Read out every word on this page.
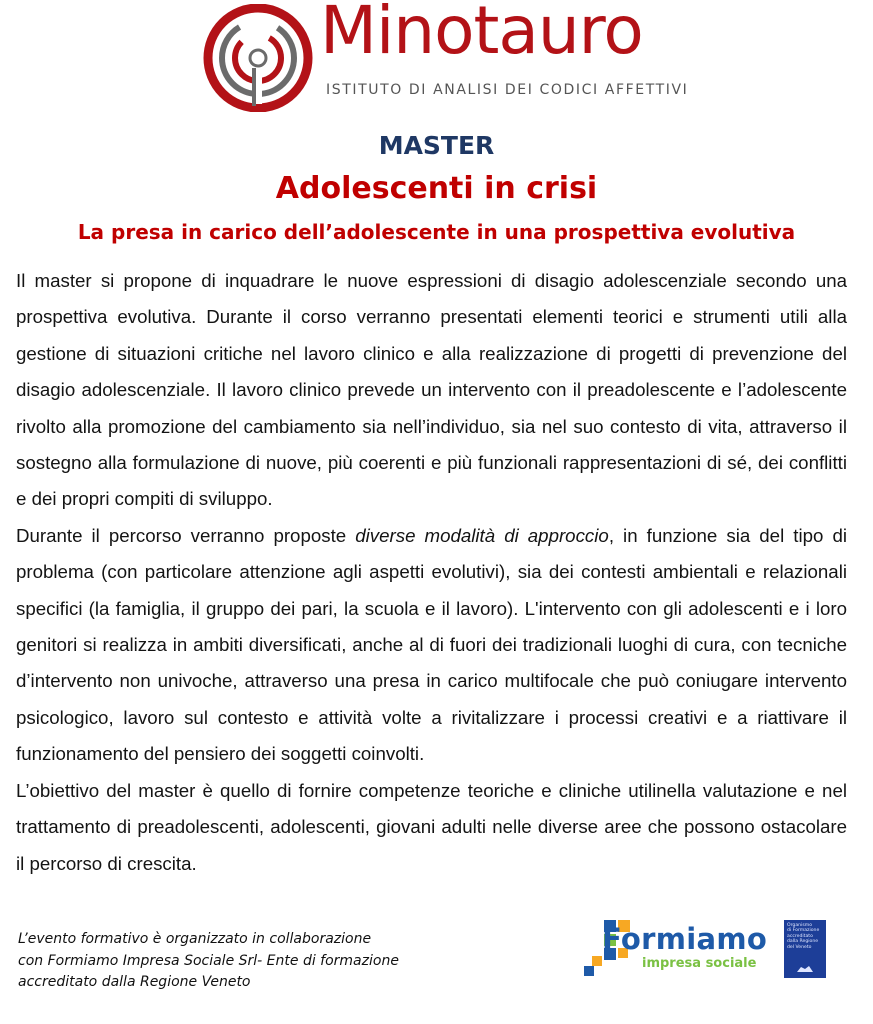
Minotauro
ISTITUTO DI ANALISI DEI CODICI AFFETTIVI
MASTER
Adolescenti in crisi
La presa in carico dell’adolescente in una prospettiva evolutiva

Il master si propone di inquadrare le nuove espressioni di disagio adolescenziale secondo una prospettiva evolutiva. Durante il corso verranno presentati elementi teorici e strumenti utili alla gestione di situazioni critiche nel lavoro clinico e alla realizzazione di progetti di prevenzione del disagio adolescenziale. Il lavoro clinico prevede un intervento con il preadolescente e l’adolescente rivolto alla promozione del cambiamento sia nell’individuo, sia nel suo contesto di vita, attraverso il sostegno alla formulazione di nuove, più coerenti e più funzionali rappresentazioni di sé, dei conflitti e dei propri compiti di sviluppo.

Durante il percorso verranno proposte diverse modalità di approccio, in funzione sia del tipo di problema (con particolare attenzione agli aspetti evolutivi), sia dei contesti ambientali e relazionali specifici (la famiglia, il gruppo dei pari, la scuola e il lavoro). L'intervento con gli adolescenti e i loro genitori si realizza in ambiti diversificati, anche al di fuori dei tradizionali luoghi di cura, con tecniche d’intervento non univoche, attraverso una presa in carico multifocale che può coniugare intervento psicologico, lavoro sul contesto e attività volte a rivitalizzare i processi creativi e a riattivare il funzionamento del pensiero dei soggetti coinvolti.

L’obiettivo del master è quello di fornire competenze teoriche e cliniche utilinella valutazione e nel trattamento di preadolescenti, adolescenti, giovani adulti nelle diverse aree che possono ostacolare il percorso di crescita.

L’evento formativo è organizzato in collaborazione
con Formiamo Impresa Sociale Srl- Ente di formazione
accreditato dalla Regione Veneto
Formiamo
impresa sociale
Organismo
di Formazione
accreditato
dalla Regione
del Veneto
